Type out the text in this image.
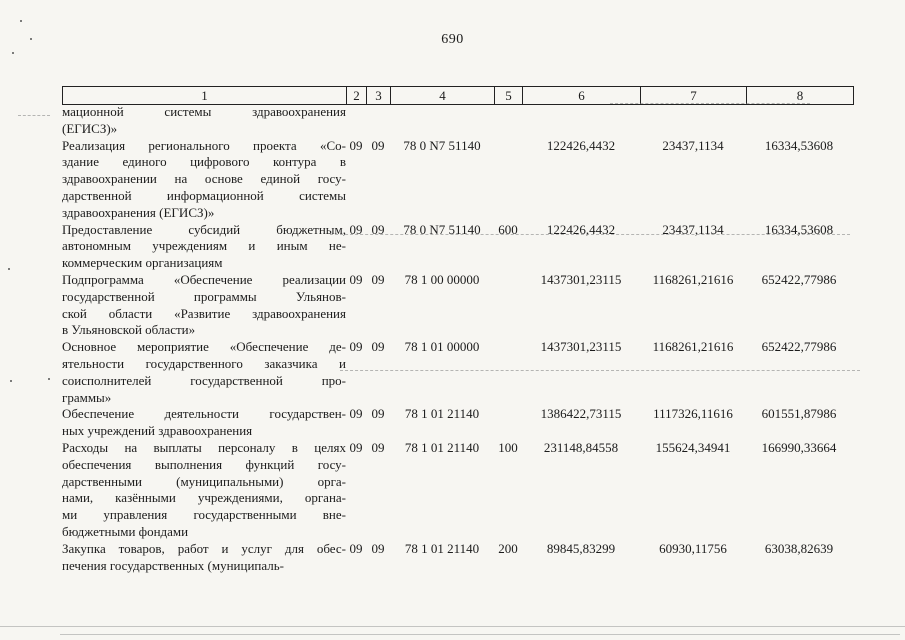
690
1	2	3	4	5	6	7	8
мационной системы здравоохранения
(ЕГИСЗ)»
Реализация регионального проекта «Со-
здание единого цифрового контура в
здравоохранении на основе единой госу-
дарственной информационной системы
здравоохранения (ЕГИСЗ)»
09 09	78 0 N7 51140	122426,4432	23437,1134	16334,53608
Предоставление субсидий бюджетным,
автономным учреждениям и иным не-
коммерческим организациям
09 09	78 0 N7 51140	600	122426,4432	23437,1134	16334,53608
Подпрограмма «Обеспечение реализации
государственной программы Ульянов-
ской области «Развитие здравоохранения
в Ульяновской области»
09 09	78 1 00 00000	1437301,23115	1168261,21616	652422,77986
Основное мероприятие «Обеспечение де-
ятельности государственного заказчика и
соисполнителей государственной про-
граммы»
09 09	78 1 01 00000	1437301,23115	1168261,21616	652422,77986
Обеспечение деятельности государствен-
ных учреждений здравоохранения
09 09	78 1 01 21140	1386422,73115	1117326,11616	601551,87986
Расходы на выплаты персоналу в целях
обеспечения выполнения функций госу-
дарственными (муниципальными) орга-
нами, казёнными учреждениями, органа-
ми управления государственными вне-
бюджетными фондами
09 09	78 1 01 21140	100	231148,84558	155624,34941	166990,33664
Закупка товаров, работ и услуг для обес-
печения государственных (муниципаль-
09 09	78 1 01 21140	200	89845,83299	60930,11756	63038,82639
